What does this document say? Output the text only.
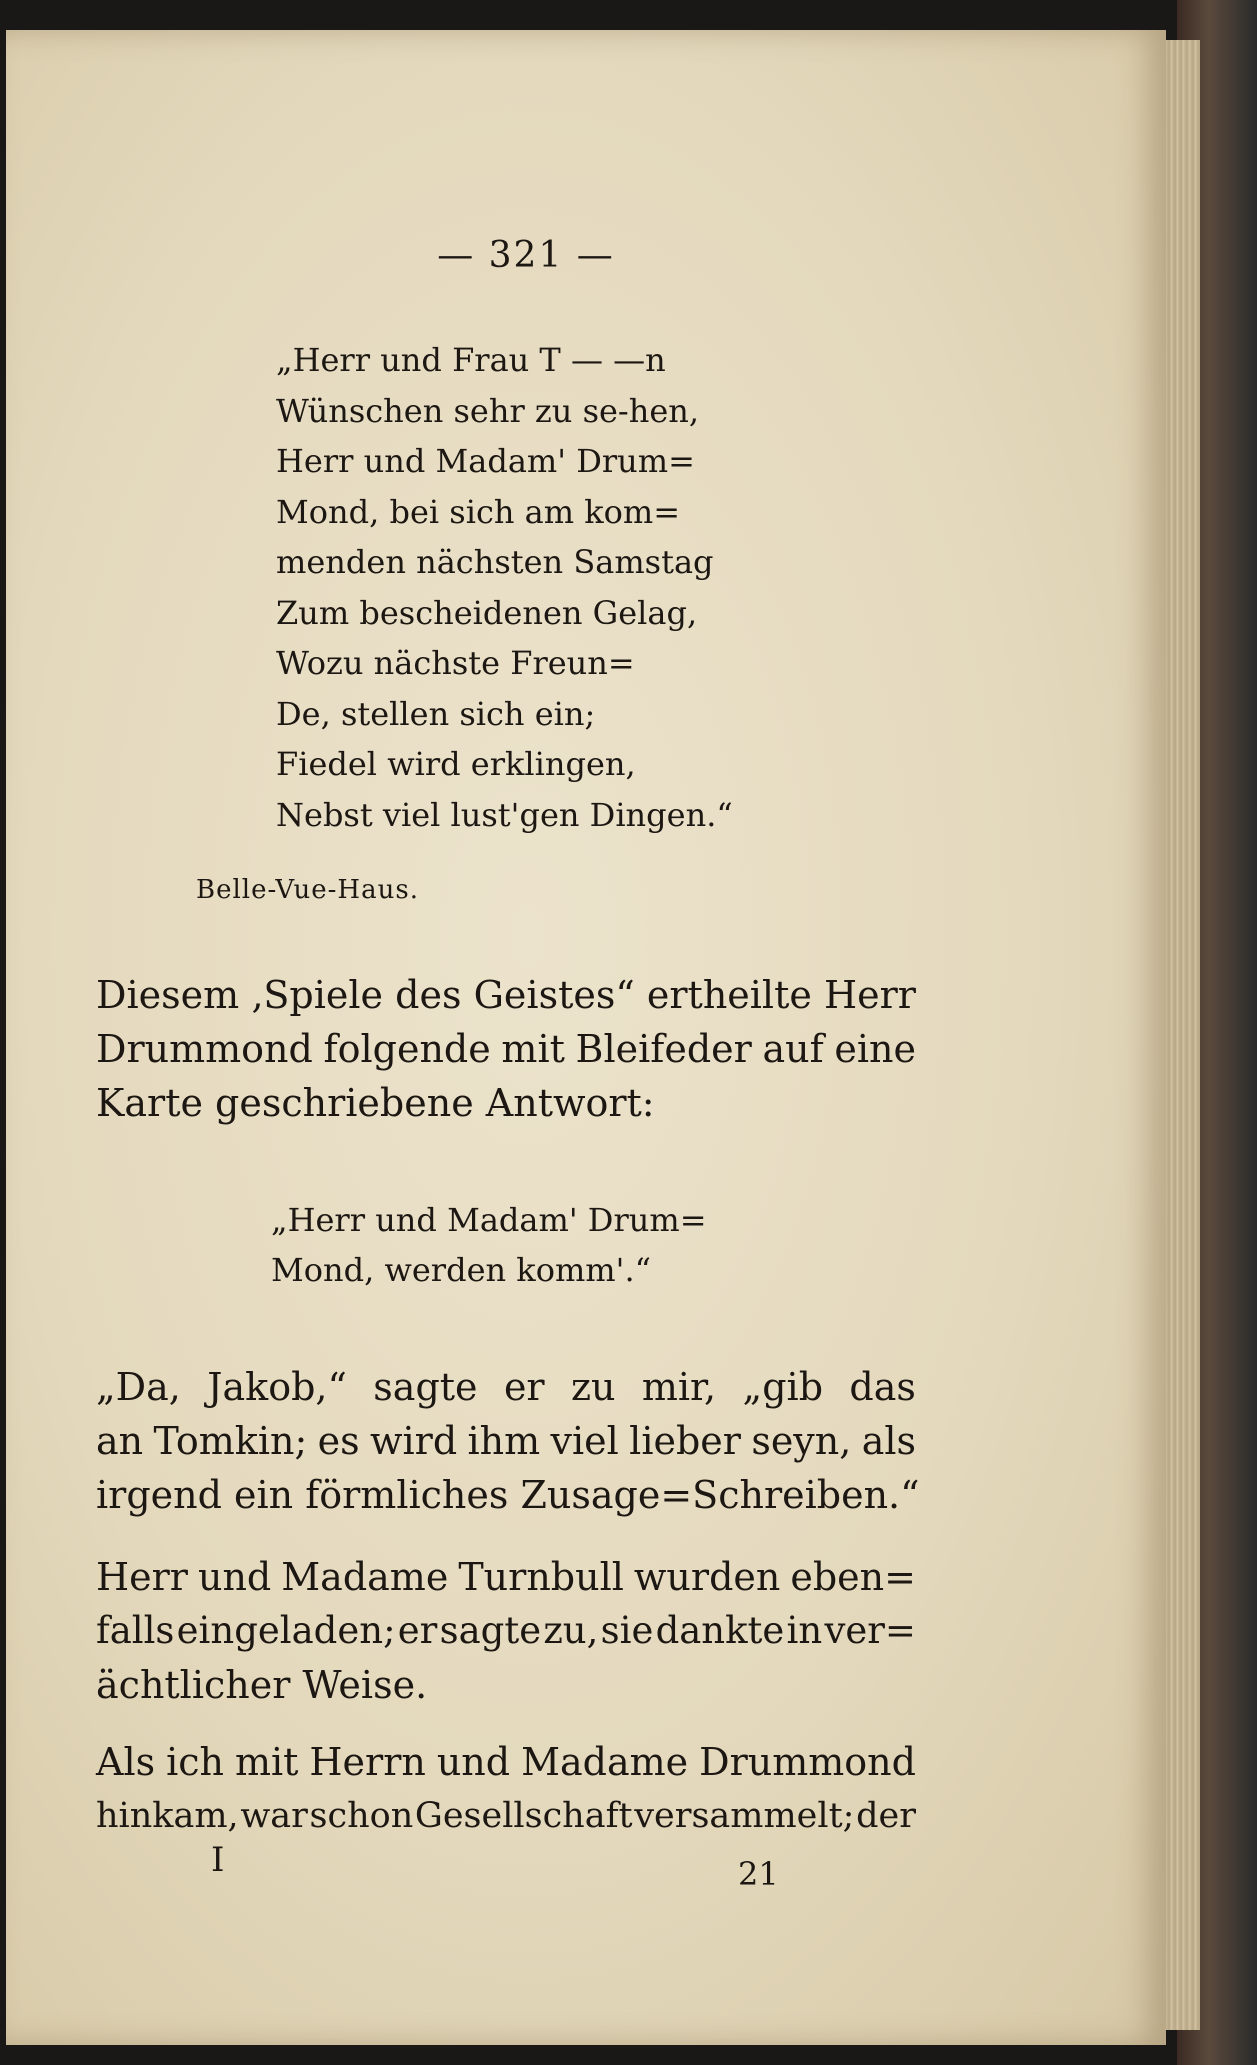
— 321 —
„Herr und Frau T — —n
Wünschen sehr zu se-hen,
Herr und Madam' Drum=
Mond, bei sich am kom=
menden nächsten Samstag
Zum bescheidenen Gelag,
Wozu nächste Freun=
De, stellen sich ein;
Fiedel wird erklingen,
Nebst viel lust'gen Dingen.“
Belle-Vue-Haus.
Diesem ‚Spiele des Geistes“ ertheilte Herr
Drummond folgende mit Bleifeder auf eine
Karte geschriebene Antwort:
„Herr und Madam' Drum=
Mond, werden komm'.“
„Da, Jakob,“ sagte er zu mir, „gib das
an Tomkin; es wird ihm viel lieber seyn, als
irgend ein förmliches Zusage=Schreiben.“
Herr und Madame Turnbull wurden eben=
falls eingeladen; er sagte zu, sie dankte in ver=
ächtlicher Weise.
Als ich mit Herrn und Madame Drummond
hinkam, war schon Gesellschaft versammelt; der
I	21
